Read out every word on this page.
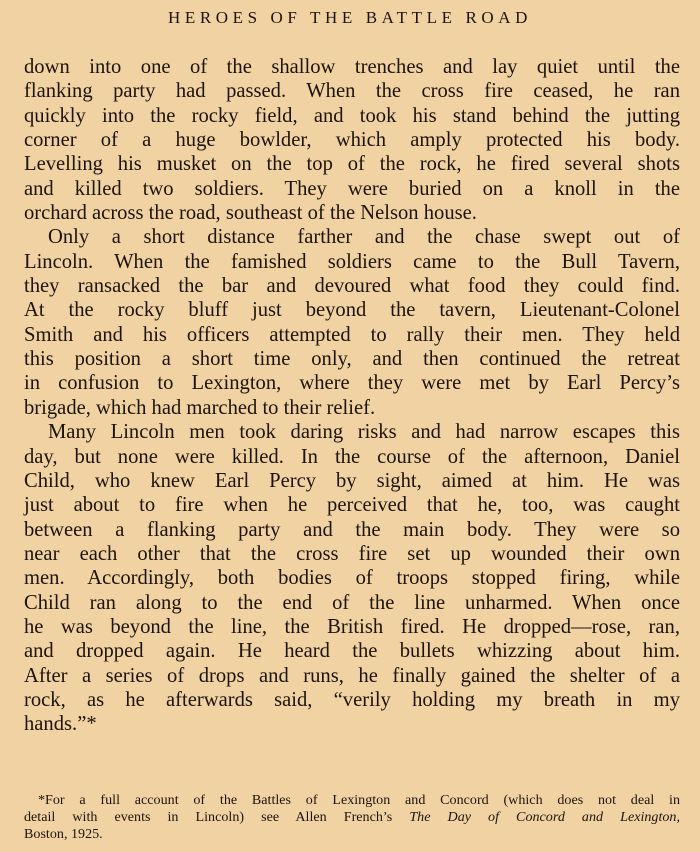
HEROES OF THE BATTLE ROAD
down into one of the shallow trenches and lay quiet until the
flanking party had passed. When the cross fire ceased, he ran
quickly into the rocky field, and took his stand behind the jutting
corner of a huge bowlder, which amply protected his body.
Levelling his musket on the top of the rock, he fired several shots
and killed two soldiers. They were buried on a knoll in the
orchard across the road, southeast of the Nelson house.
Only a short distance farther and the chase swept out of
Lincoln. When the famished soldiers came to the Bull Tavern,
they ransacked the bar and devoured what food they could find.
At the rocky bluff just beyond the tavern, Lieutenant-Colonel
Smith and his officers attempted to rally their men. They held
this position a short time only, and then continued the retreat
in confusion to Lexington, where they were met by Earl Percy’s
brigade, which had marched to their relief.
Many Lincoln men took daring risks and had narrow escapes this
day, but none were killed. In the course of the afternoon, Daniel
Child, who knew Earl Percy by sight, aimed at him. He was
just about to fire when he perceived that he, too, was caught
between a flanking party and the main body. They were so
near each other that the cross fire set up wounded their own
men. Accordingly, both bodies of troops stopped firing, while
Child ran along to the end of the line unharmed. When once
he was beyond the line, the British fired. He dropped—rose, ran,
and dropped again. He heard the bullets whizzing about him.
After a series of drops and runs, he finally gained the shelter of a
rock, as he afterwards said, “verily holding my breath in my
hands.”*
*For a full account of the Battles of Lexington and Concord (which does not deal in
detail with events in Lincoln) see Allen French’s The Day of Concord and Lexington,
Boston, 1925.
